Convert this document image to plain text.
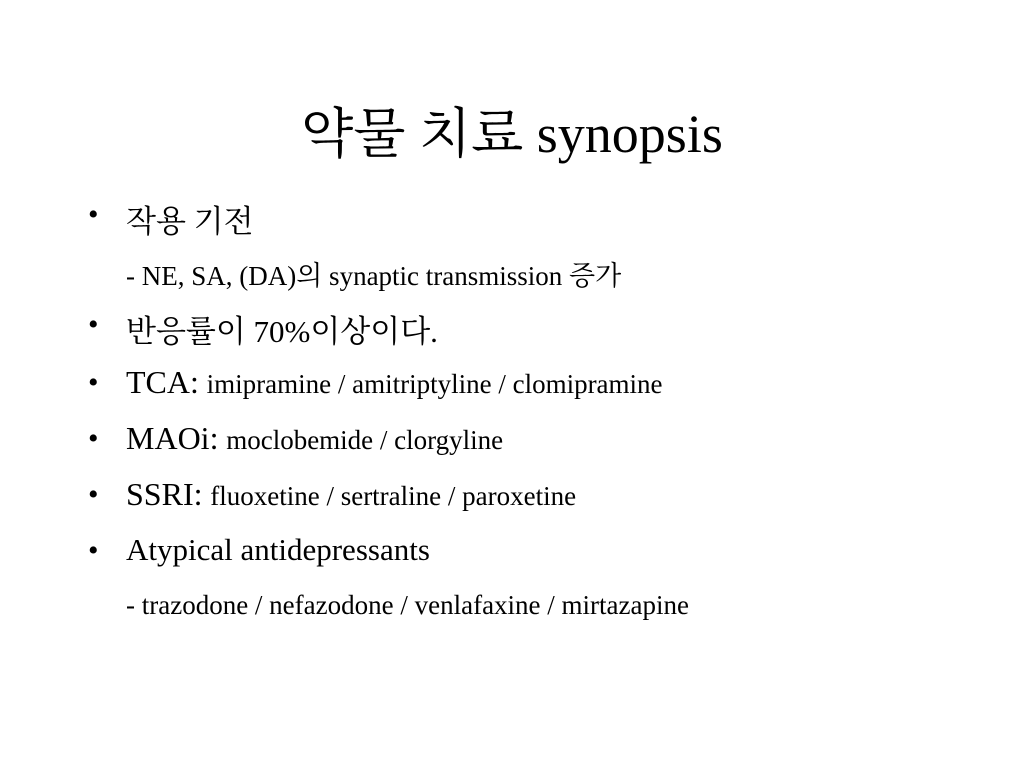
약물 치료 synopsis
• 작용 기전
- NE, SA, (DA)의 synaptic transmission 증가
• 반응률이 70%이상이다.
• TCA: imipramine / amitriptyline / clomipramine
• MAOi: moclobemide / clorgyline
• SSRI: fluoxetine / sertraline / paroxetine
• Atypical antidepressants
- trazodone / nefazodone / venlafaxine / mirtazapine
